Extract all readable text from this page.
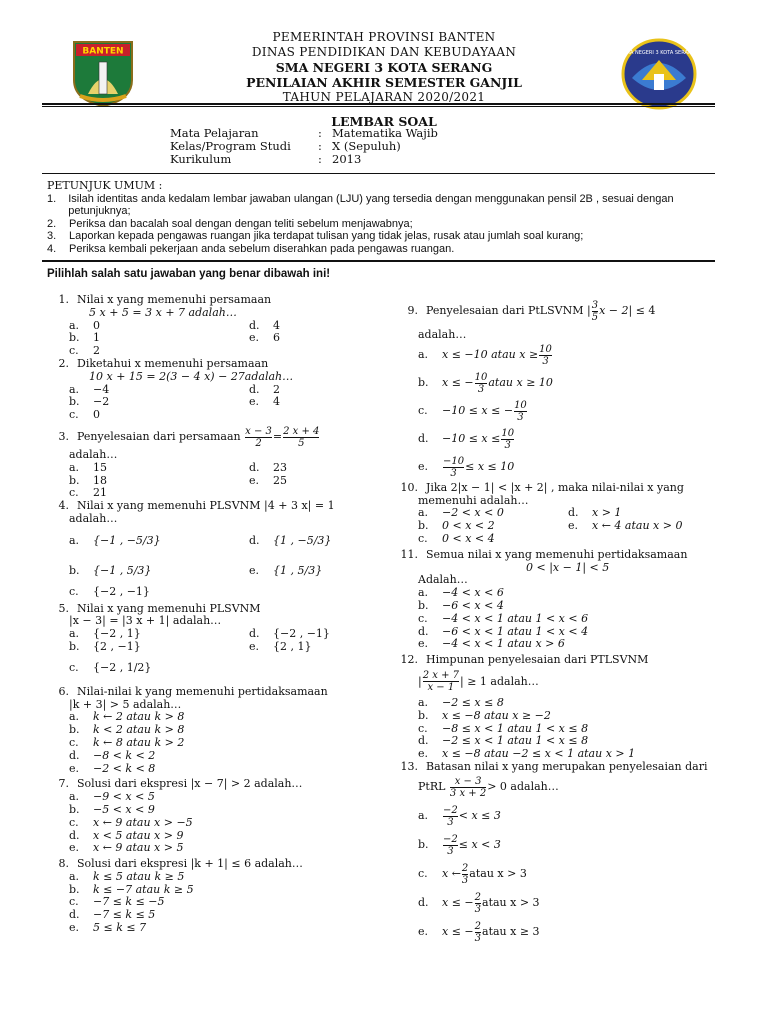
BANTEN	SMA NEGERI 3 KOTA SERANG
PEMERINTAH PROVINSI BANTEN
DINAS PENDIDIKAN DAN KEBUDAYAAN
SMA NEGERI 3 KOTA SERANG
PENILAIAN AKHIR SEMESTER GANJIL
TAHUN PELAJARAN 2020/2021
LEMBAR SOAL
Mata Pelajaran	: Matematika Wajib
Kelas/Program Studi	: X (Sepuluh)
Kurikulum	: 2013
PETUNJUK UMUM :
1.	Isilah identitas anda kedalam lembar jawaban ulangan (LJU) yang tersedia dengan menggunakan pensil 2B , sesuai dengan petunjuknya;
2.	Periksa dan bacalah soal dengan dengan teliti sebelum menjawabnya;
3.	Laporkan kepada pengawas ruangan jika terdapat tulisan yang tidak jelas, rusak atau jumlah soal kurang;
4.	Periksa kembali pekerjaan anda sebelum diserahkan pada pengawas ruangan.
Pilihlah salah satu jawaban yang benar dibawah ini!
1. Nilai x yang memenuhi persamaan
5 x + 5 = 3 x + 7 adalah…
a.	0	d.	4
b.	1	e.	6
c.	2
2. Diketahui x memenuhi persamaan
10 x + 15 = 2(3 − 4 x) − 27adalah…
a.	−4	d.	2
b.	−2	e.	4
c.	0
3. Penyelesaian dari persamaan
$\frac{x - 3}{2} = \frac{2 x + 4}{5}$
adalah…
a.	15	d.	23
b.	18	e.	25
c.	21
4. Nilai x yang memenuhi PLSVNM |4 + 3 x| = 1
adalah…
a.	{−1 , −5/3}	d.	{1 , −5/3}
b.	{−1 , 5/3}	e.	{1 , 5/3}
c.	{−2 , −1}
5. Nilai x yang memenuhi PLSVNM
|x − 3| = |3 x + 1| adalah…
a.	{−2 , 1}	d.	{−2 , −1}
b.	{2 , −1}	e.	{2 , 1}
c.	{−2 , 1/2}
6. Nilai-nilai k yang memenuhi pertidaksamaan
|k + 3| > 5 adalah…
a.	k ← 2 atau k > 8
b.	k < 2 atau k > 8
c.	k ← 8 atau k > 2
d.	−8 < k < 2
e.	−2 < k < 8
7. Solusi dari ekspresi |x − 7| > 2 adalah…
a.	−9 < x < 5
b.	−5 < x < 9
c.	x ← 9 atau x > −5
d.	x < 5 atau x > 9
e.	x ← 9 atau x > 5
8. Solusi dari ekspresi |k + 1| ≤ 6 adalah…
a.	k ≤ 5 atau k ≥ 5
b.	k ≤ −7 atau k ≥ 5
c.	−7 ≤ k ≤ −5
d.	−7 ≤ k ≤ 5
e.	5 ≤ k ≤ 7
9. Penyelesaian dari PtLSVNM | $\frac{3}{5}$ x − 2 | ≤ 4
adalah…
a.	x ≤ −10 atau $x \ge \frac{10}{3}$
b.	x ≤ − $\frac{10}{3}$ atau x ≥ 10
c.	−10 ≤ x ≤ − $\frac{10}{3}$
d.	$-10 \le x \le \frac{10}{3}$
e.	$\frac{-10}{3} \le x \le 10$
10. Jika 2|x − 1| < |x + 2| , maka nilai-nilai x yang
memenuhi adalah…
a.	−2 < x < 0	d.	x > 1
b.	0 < x < 2	e.	x ← 4 atau x > 0
c.	0 < x < 4
11. Semua nilai x yang memenuhi pertidaksamaan
0 < |x − 1| < 5
Adalah…
a.	−4 < x < 6
b.	−6 < x < 4
c.	−4 < x < 1 atau 1 < x < 6
d.	−6 < x < 1 atau 1 < x < 4
e.	−4 < x < 1 atau x > 6
12. Himpunan penyelesaian dari PTLSVNM
| $\frac{2 x + 7}{x - 1}$ | ≥ 1 adalah…
a.	−2 ≤ x ≤ 8
b.	x ≤ −8 atau x ≥ −2
c.	−8 ≤ x < 1 atau 1 < x ≤ 8
d.	−2 ≤ x < 1 atau 1 < x ≤ 8
e.	x ≤ −8 atau −2 ≤ x < 1 atau x > 1
13. Batasan nilai x yang merupakan penyelesaian dari
PtRL
$\frac{x - 3}{3 x + 2} > 0$ adalah…
a.	$\frac{-2}{3} < x \le 3$
b.	$\frac{-2}{3} \le x < 3$
c.	x ← $\frac{2}{3}$ atau x > 3
d.	x ≤ − $\frac{2}{3}$ atau x > 3
e.	x ≤ − $\frac{2}{3}$ atau x ≥ 3
